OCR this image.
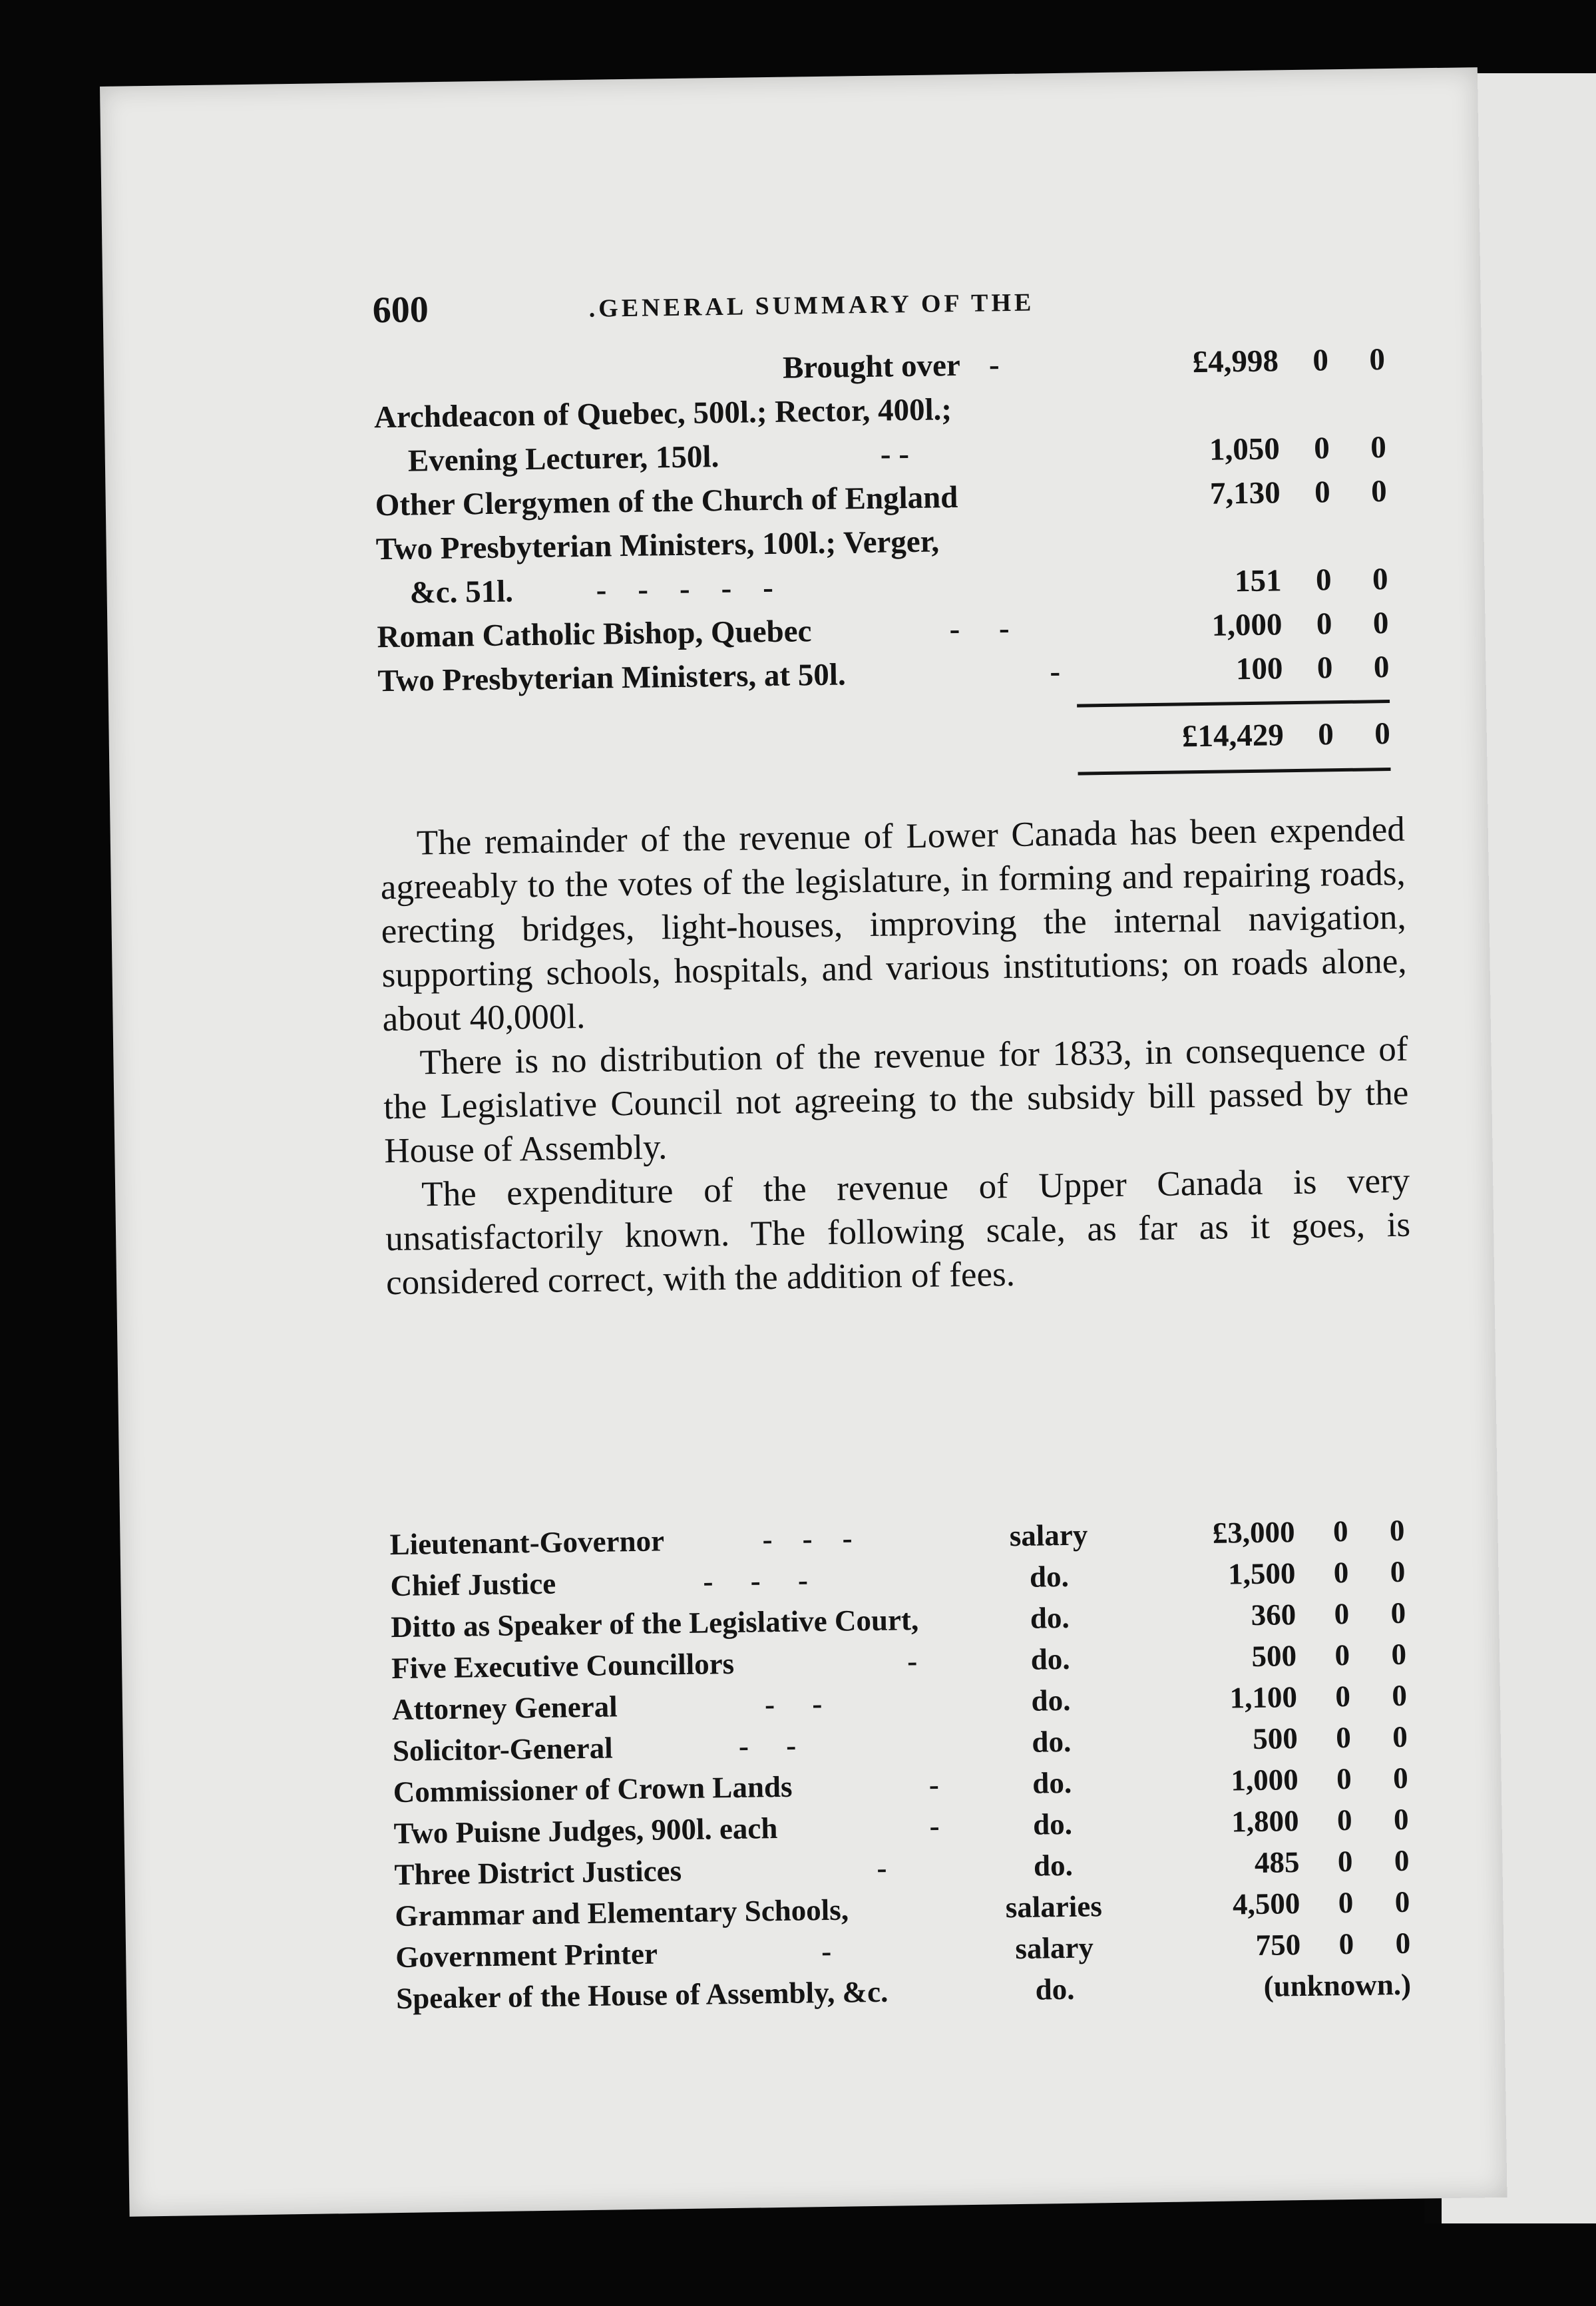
600	.GENERAL SUMMARY OF THE
Brought over -	£4,998 0 0
Archdeacon of Quebec, 500l.; Rector, 400l.;
Evening Lecturer, 150l.	- -	1,050 0 0
Other Clergymen of the Church of England	7,130 0 0
Two Presbyterian Ministers, 100l.; Verger,
&c. 51l.	-    -    -    -    -	151 0 0
Roman Catholic Bishop, Quebec	-     -	1,000 0 0
Two Presbyterian Ministers, at 50l.	-	100 0 0
£14,429 0 0

The remainder of the revenue of Lower Canada has been expended agreeably to the votes of the legislature, in forming and repairing roads, erecting bridges, light-houses, improving the internal navigation, supporting schools, hospitals, and various institutions; on roads alone, about 40,000l.

There is no distribution of the revenue for 1833, in consequence of the Legislative Council not agreeing to the subsidy bill passed by the House of Assembly.

The expenditure of the revenue of Upper Canada is very unsatisfactorily known. The following scale, as far as it goes, is considered correct, with the addition of fees.

Lieutenant-Governor	-    -    -	salary	£3,000 0 0
Chief Justice	-     -     -	do.	1,500 0 0
Ditto as Speaker of the Legislative Court,	do.	360 0 0
Five Executive Councillors	-	do.	500 0 0
Attorney General	-     -	do.	1,100 0 0
Solicitor-General	-     -	do.	500 0 0
Commissioner of Crown Lands	-	do.	1,000 0 0
Two Puisne Judges, 900l. each	-	do.	1,800 0 0
Three District Justices	-	do.	485 0 0
Grammar and Elementary Schools,	salaries	4,500 0 0
Government Printer	-	salary	750 0 0
Speaker of the House of Assembly, &c.	do.	(unknown.)
